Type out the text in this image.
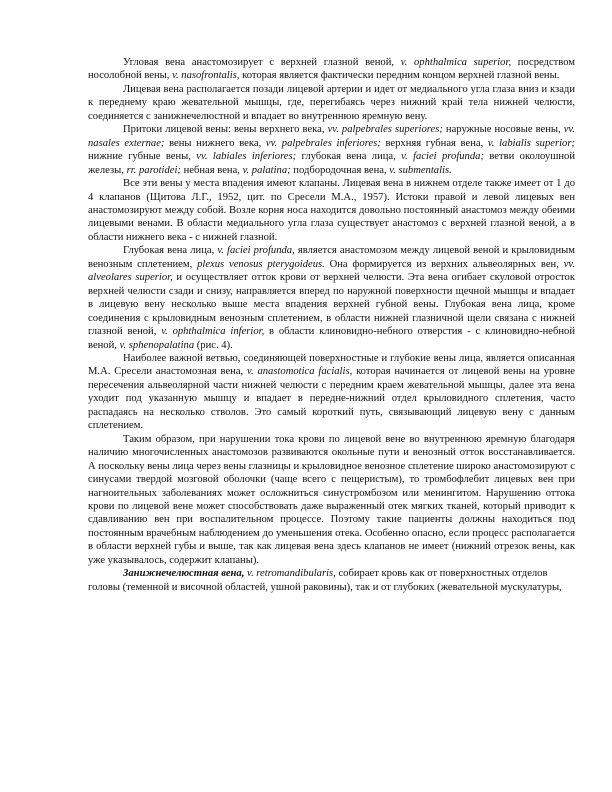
Угловая вена анастомозирует с верхней глазной веной, v. ophthalmica superior, посредством носолобной вены, v. nasofrontalis, которая является фактически передним концом верхней глазной вены.

Лицевая вена располагается позади лицевой артерии и идет от медиального угла глаза вниз и кзади к переднему краю жевательной мышцы, где, перегибаясь через нижний край тела нижней челюсти, соединяется с занижнечелюстной и впадает во внутреннюю яремную вену.

Притоки лицевой вены: вены верхнего века, vv. palpebrales superiores; наружные носовые вены, vv. nasales externae; вены нижнего века, vv. palpebrales inferiores; верхняя губная вена, v. labialis superior; нижние губные вены, vv. labiales inferiores; глубокая вена лица, v. faciei profunda; ветви околоушной железы, rr. parotidei; небная вена, v. palatina; подбородочная вена, v. submentalis.

Все эти вены у места впадения имеют клапаны. Лицевая вена в нижнем отделе также имеет от 1 до 4 клапанов (Щитова Л.Г., 1952, цит. по Сресели М.А., 1957). Истоки правой и левой лицевых вен анастомозируют между собой. Возле корня носа находится довольно постоянный анастомоз между обеими лицевыми венами. В области медиального угла глаза существует анастомоз с верхней глазной веной, а в области нижнего века - с нижней глазной.

Глубокая вена лица, v. faciei profunda, является анастомозом между лицевой веной и крыловидным венозным сплетением, plexus venosus pterygoideus. Она формируется из верхних альвеолярных вен, vv. alveolares superior, и осуществляет отток крови от верхней челюсти. Эта вена огибает скуловой отросток верхней челюсти сзади и снизу, направляется вперед по наружной поверхности щечной мышцы и впадает в лицевую вену несколько выше места впадения верхней губной вены. Глубокая вена лица, кроме соединения с крыловидным венозным сплетением, в области нижней глазничной щели связана с нижней глазной веной, v. ophthalmica inferior, в области клиновидно-небного отверстия - с клиновидно-небной веной, v. sphenopalatina (рис. 4).

Наиболее важной ветвью, соединяющей поверхностные и глубокие вены лица, является описанная М.А. Сресели анастомозная вена, v. anastomotica facialis, которая начинается от лицевой вены на уровне пересечения альвеолярной части нижней челюсти с передним краем жевательной мышцы, далее эта вена уходит под указанную мышцу и впадает в передне-нижний отдел крыловидного сплетения, часто распадаясь на несколько стволов. Это самый короткий путь, связывающий лицевую вену с данным сплетением.

Таким образом, при нарушении тока крови по лицевой вене во внутреннюю яремную благодаря наличию многочисленных анастомозов развиваются окольные пути и венозный отток восстанавливается. А поскольку вены лица через вены глазницы и крыловидное венозное сплетение широко анастомозируют с синусами твердой мозговой оболочки (чаще всего с пещеристым), то тромбофлебит лицевых вен при нагноительных заболеваниях может осложниться синустромбозом или менингитом. Нарушению оттока крови по лицевой вене может способствовать даже выраженный отек мягких тканей, который приводит к сдавливанию вен при воспалительном процессе. Поэтому такие пациенты должны находиться под постоянным врачебным наблюдением до уменьшения отека. Особенно опасно, если процесс располагается в области верхней губы и выше, так как лицевая вена здесь клапанов не имеет (нижний отрезок вены, как уже указывалось, содержит клапаны).

Занижнечелюстная вена, v. retromandibularis, собирает кровь как от поверхностных отделов головы (теменной и височной областей, ушной раковины), так и от глубоких (жевательной мускулатуры,
